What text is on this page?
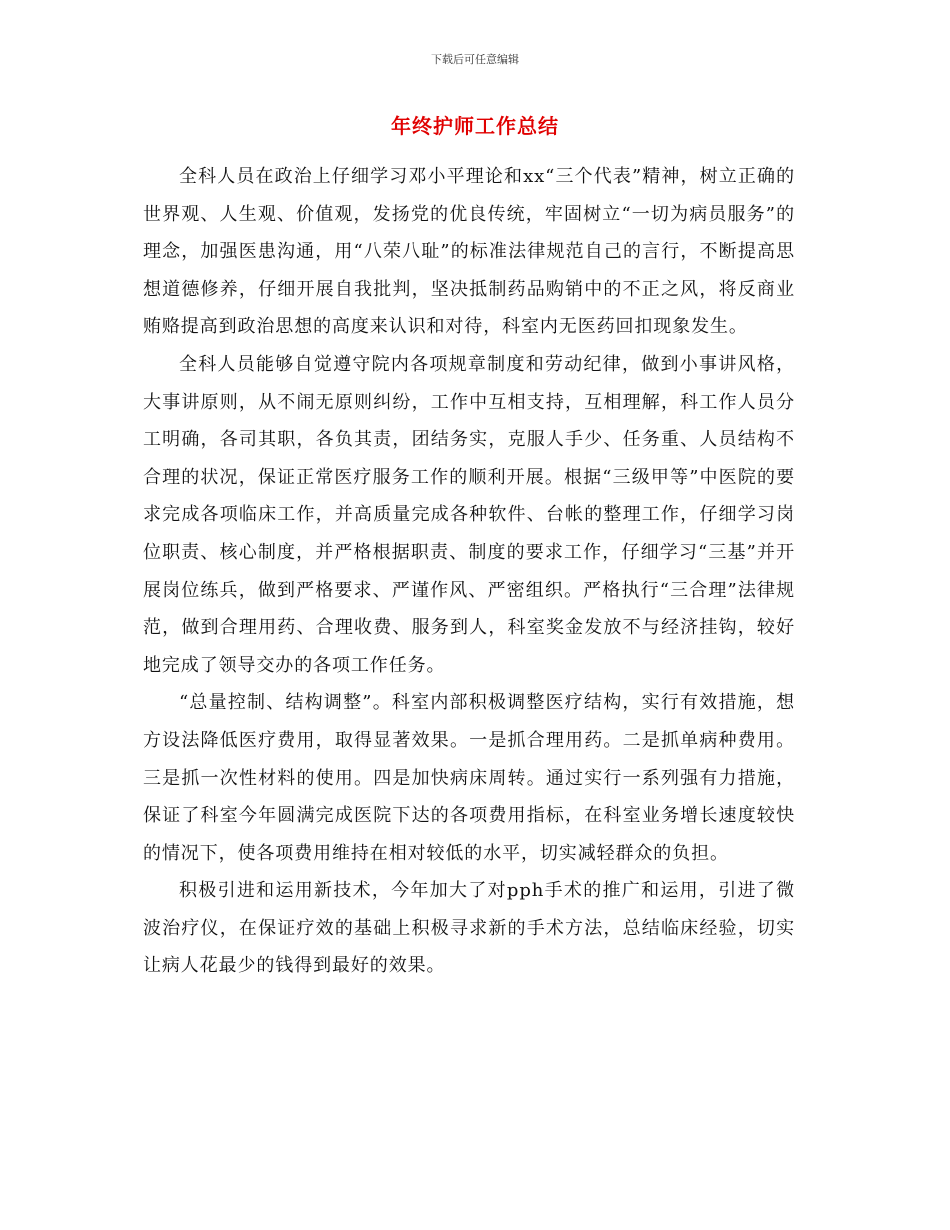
下载后可任意编辑
年终护师工作总结

全科人员在政治上仔细学习邓小平理论和xx“三个代表”精神，树立正确的世界观、人生观、价值观，发扬党的优良传统，牢固树立“一切为病员服务”的理念，加强医患沟通，用“八荣八耻”的标准法律规范自己的言行，不断提高思想道德修养，仔细开展自我批判，坚决抵制药品购销中的不正之风，将反商业贿赂提高到政治思想的高度来认识和对待，科室内无医药回扣现象发生。

全科人员能够自觉遵守院内各项规章制度和劳动纪律，做到小事讲风格，大事讲原则，从不闹无原则纠纷，工作中互相支持，互相理解，科工作人员分工明确，各司其职，各负其责，团结务实，克服人手少、任务重、人员结构不合理的状况，保证正常医疗服务工作的顺利开展。根据“三级甲等”中医院的要求完成各项临床工作，并高质量完成各种软件、台帐的整理工作，仔细学习岗位职责、核心制度，并严格根据职责、制度的要求工作，仔细学习“三基”并开展岗位练兵，做到严格要求、严谨作风、严密组织。严格执行“三合理”法律规范，做到合理用药、合理收费、服务到人，科室奖金发放不与经济挂钩，较好地完成了领导交办的各项工作任务。

“总量控制、结构调整”。科室内部积极调整医疗结构，实行有效措施，想方设法降低医疗费用，取得显著效果。一是抓合理用药。二是抓单病种费用。三是抓一次性材料的使用。四是加快病床周转。通过实行一系列强有力措施，保证了科室今年圆满完成医院下达的各项费用指标，在科室业务增长速度较快的情况下，使各项费用维持在相对较低的水平，切实减轻群众的负担。

积极引进和运用新技术，今年加大了对pph手术的推广和运用，引进了微波治疗仪，在保证疗效的基础上积极寻求新的手术方法，总结临床经验，切实让病人花最少的钱得到最好的效果。
